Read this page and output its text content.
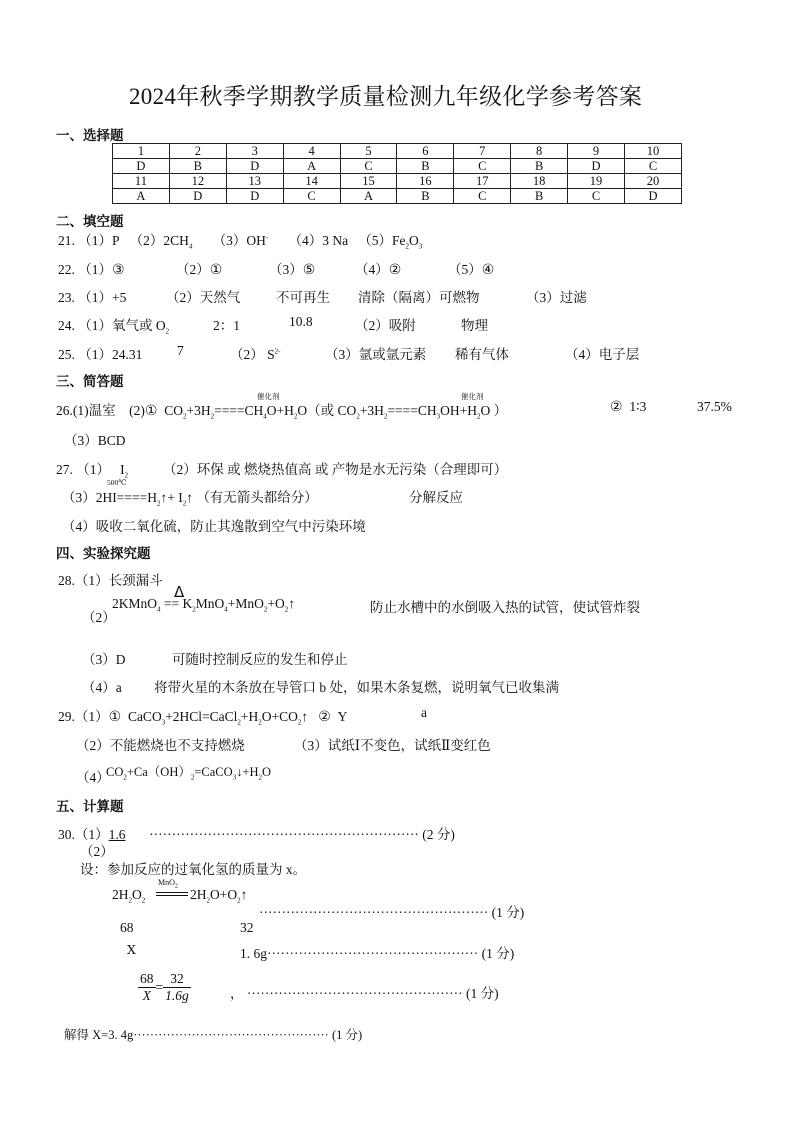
2024年秋季学期教学质量检测九年级化学参考答案
一、选择题
1	2	3	4	5	6	7	8	9	10
D	B	D	A	C	B	C	B	D	C
11	12	13	14	15	16	17	18	19	20
A	D	D	C	A	B	C	B	C	D
二、填空题
21. （1）P $(2)2CH_4$ （3）OH- （4）3 Na $(5)Fe_2O_3$
22. （1）③	（2）①	（3）⑤	（4）②	（5）④
23. （1）+5	（2）天然气	不可再生 清除（隔离）可燃物	（3）过滤
24. （1）氧气或 $O_2$	2：1	10.8	（2）吸附	物理
25. （1）24.31	7	（2） $S^{2-}$	（3）氩或氩元素 稀有气体	（4）电子层
三、简答题
26.(1)温室 (2)① $CO_2+3H_2====CH_4O+H_2O$（或 $CO_2+3H_2====CH_3OH+H_2O$ ）
催化剂	催化剂
② 1∶3	37.5%
（3）BCD
27. （1） $I_2$	（2）环保 或 燃烧热值高 或 产物是水无污染（合理即可）
500℃
$(3)2HI====H_2↑+$ $I_2↑$ （有无箭头都给分）	分解反应
（4）吸收二氧化硫，防止其逸散到空气中污染环境
四、实验探究题
28.（1）长颈漏斗
Δ
2KMnO$_4$ == $K_2MnO_4+MnO_2+O_2↑$
（2）
防止水槽中的水倒吸入热的试管，使试管炸裂
（3）D	可随时控制反应的发生和停止
（4）a 将带火星的木条放在导管口 b 处，如果木条复燃，说明氧气已收集满
29.（1）① $CaCO_3+2HCl=CaCl_2+H_2O+CO_2↑$ ② Y	a
（2）不能燃烧也不支持燃烧	（3）试纸Ⅰ不变色，试纸Ⅱ变红色
（4）
$CO_2+Ca(OH)_2=CaCO_3↓+H_2O$
五、计算题
30.（1）1.6 ···························································· (2 分)
（2）
设：参加反应的过氧化氢的质量为 x。
MnO$_2$
$2H_2O_2$	$2H_2O+O_2↑$
··················································· (1 分)
68	32
X	1. 6g··············································· (1 分)
$\frac{68}{X} = \frac{32}{1.6g}$	， ················································ (1 分)
解得 X=3. 4g··············································· (1 分)
